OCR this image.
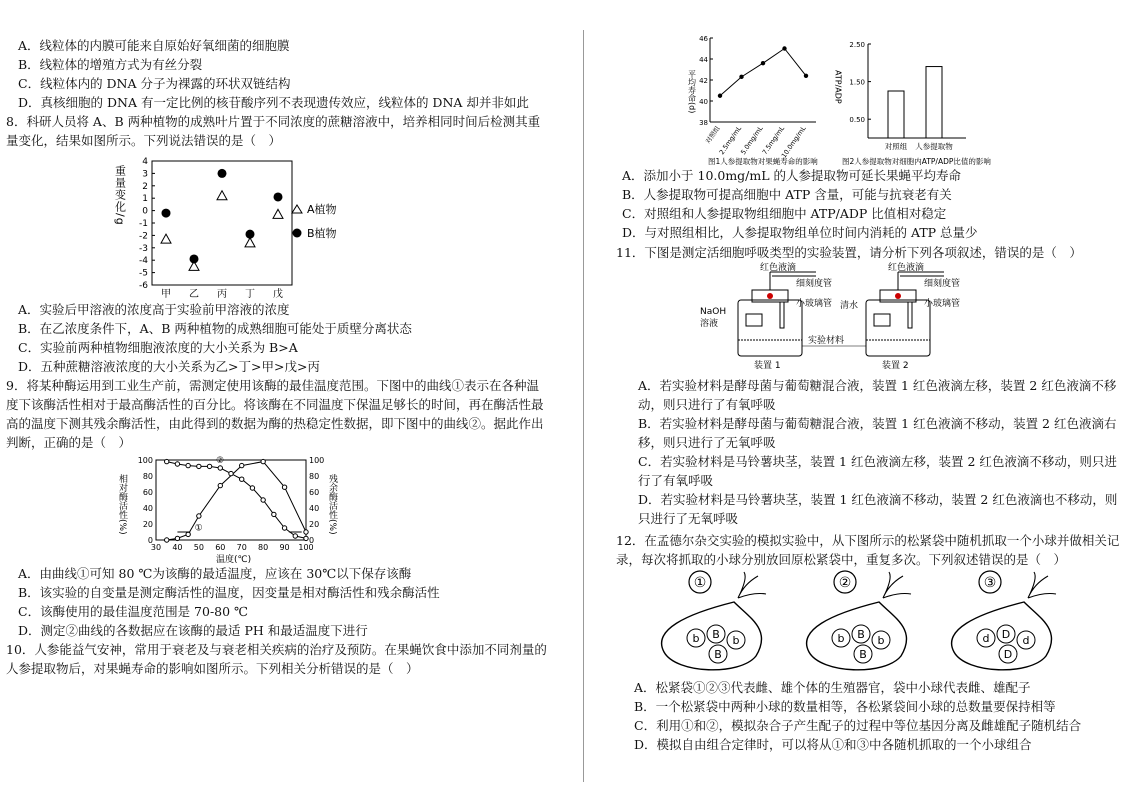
A．线粒体的内膜可能来自原始好氧细菌的细胞膜
B．线粒体的增殖方式为有丝分裂
C．线粒体内的 DNA 分子为裸露的环状双链结构
D．真核细胞的 DNA 有一定比例的核苷酸序列不表现遗传效应，线粒体的 DNA 却并非如此
8．科研人员将 A、B 两种植物的成熟叶片置于不同浓度的蔗糖溶液中，培养相同时间后检测其重
量变化，结果如图所示。下列说法错误的是（　）
重量变化/g
4
3
2
1
0
-1
-2
-3
-4
-5
-6
甲 乙 丙 丁 戊
A植物
B植物
A．实验后甲溶液的浓度高于实验前甲溶液的浓度
B．在乙浓度条件下，A、B 两种植物的成熟细胞可能处于质壁分离状态
C．实验前两种植物细胞液浓度的大小关系为 B>A
D．五种蔗糖溶液浓度的大小关系为乙>丁>甲>戊>丙
9．将某种酶运用到工业生产前，需测定使用该酶的最佳温度范围。下图中的曲线①表示在各种温
度下该酶活性相对于最高酶活性的百分比。将该酶在不同温度下保温足够长的时间，再在酶活性最
高的温度下测其残余酶活性，由此得到的数据为酶的热稳定性数据，即下图中的曲线②。据此作出
判断，正确的是（　）
相对酶活性(%)	残余酶活性(%)
100	100
80	80
60	60
40	40
20	20
0	0
30 40 50 60 70 80 90 100
①
②
温度(℃)
A．由曲线①可知 80 ℃为该酶的最适温度，应该在 30℃以下保存该酶
B．该实验的自变量是测定酶活性的温度，因变量是相对酶活性和残余酶活性
C．该酶使用的最佳温度范围是 70-80 ℃
D．测定②曲线的各数据应在该酶的最适 PH 和最适温度下进行
10．人参能益气安神，常用于衰老及与衰老相关疾病的治疗及预防。在果蝇饮食中添加不同剂量的
人参提取物后，对果蝇寿命的影响如图所示。下列相关分析错误的是（　）
平均寿命(d)
46
44
42
40
38
对照组
2.5mg/mL
5.0mg/mL
7.5mg/mL
10.0mg/mL
图1人参提取物对果蝇寿命的影响
ATP/ADP
2.50
1.50
0.50
对照组 人参提取物
图2人参提取物对细胞内ATP/ADP比值的影响
A．添加小于 10.0mg/mL 的人参提取物可延长果蝇平均寿命
B．人参提取物可提高细胞中 ATP 含量，可能与抗衰老有关
C．对照组和人参提取物组细胞中 ATP/ADP 比值相对稳定
D．与对照组相比，人参提取物组单位时间内消耗的 ATP 总量少
11．下图是测定活细胞呼吸类型的实验装置，请分析下列各项叙述，错误的是（　）
红色液滴
细刻度管
小玻璃管
NaOH
溶液
装置 1
红色液滴
细刻度管
小玻璃管
清水
实验材料
装置 2
A．若实验材料是酵母菌与葡萄糖混合液，装置 1 红色液滴左移，装置 2 红色液滴不移
动，则只进行了有氧呼吸
B．若实验材料是酵母菌与葡萄糖混合液，装置 1 红色液滴不移动，装置 2 红色液滴右
移，则只进行了无氧呼吸
C．若实验材料是马铃薯块茎，装置 1 红色液滴左移，装置 2 红色液滴不移动，则只进
行了有氧呼吸
D．若实验材料是马铃薯块茎，装置 1 红色液滴不移动，装置 2 红色液滴也不移动，则
只进行了无氧呼吸
12．在孟德尔杂交实验的模拟实验中，从下图所示的松紧袋中随机抓取一个小球并做相关记
录，每次将抓取的小球分别放回原松紧袋中，重复多次。下列叙述错误的是（　）
①
b B b
B
②
b B b
B
③
d D d
D
A．松紧袋①②③代表雌、雄个体的生殖器官，袋中小球代表雌、雄配子
B．一个松紧袋中两种小球的数量相等，各松紧袋间小球的总数量要保持相等
C．利用①和②，模拟杂合子产生配子的过程中等位基因分离及雌雄配子随机结合
D．模拟自由组合定律时，可以将从①和③中各随机抓取的一个小球组合
